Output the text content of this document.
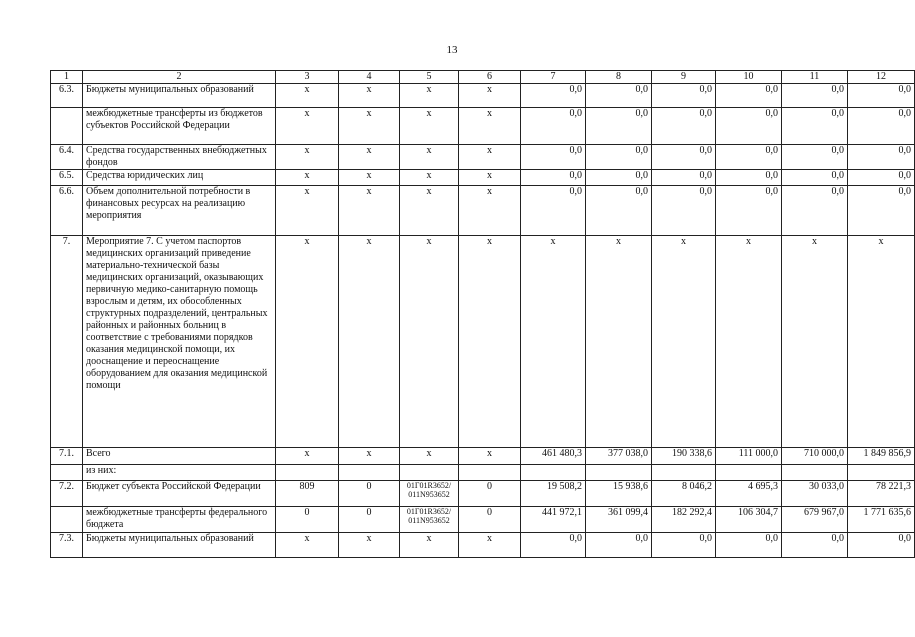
13
1	2	3	4	5	6	7	8	9	10	11	12
6.3.	Бюджеты муниципальных образований	x	x	x	x	0,0	0,0	0,0	0,0	0,0	0,0
	межбюджетные трансферты из бюджетов субъектов Российской Федерации	x	x	x	x	0,0	0,0	0,0	0,0	0,0	0,0
6.4.	Средства государственных внебюджетных фондов	x	x	x	x	0,0	0,0	0,0	0,0	0,0	0,0
6.5.	Средства юридических лиц	x	x	x	x	0,0	0,0	0,0	0,0	0,0	0,0
6.6.	Объем дополнительной потребности в финансовых ресурсах на реализацию мероприятия	x	x	x	x	0,0	0,0	0,0	0,0	0,0	0,0
7.	Мероприятие 7. С учетом паспортов медицинских организаций приведение материально-технической базы медицинских организаций, оказывающих первичную медико-санитарную помощь взрослым и детям, их обособленных структурных подразделений, центральных районных и районных больниц в соответствие с требованиями порядков оказания медицинской помощи, их дооснащение и переоснащение оборудованием для оказания медицинской помощи	x	x	x	x	x	x	x	x	x	x
7.1.	Всего	x	x	x	x	461 480,3	377 038,0	190 338,6	111 000,0	710 000,0	1 849 856,9
	из них:										
7.2.	Бюджет субъекта Российской Федерации	809	0	01Г01R3652/ 011N953652	0	19 508,2	15 938,6	8 046,2	4 695,3	30 033,0	78 221,3
	межбюджетные трансферты федерального бюджета	0	0	01Г01R3652/ 011N953652	0	441 972,1	361 099,4	182 292,4	106 304,7	679 967,0	1 771 635,6
7.3.	Бюджеты муниципальных образований	x	x	x	x	0,0	0,0	0,0	0,0	0,0	0,0
